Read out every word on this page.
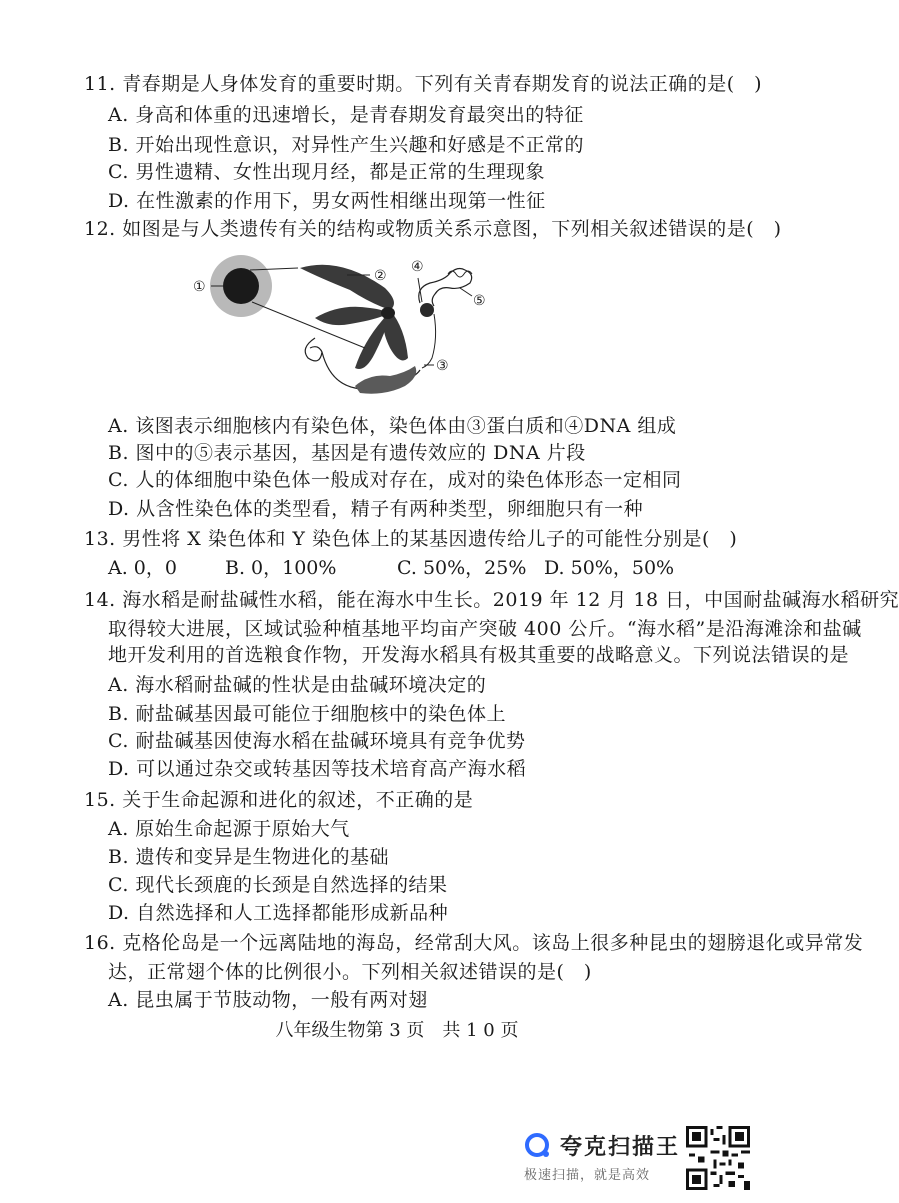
11. 青春期是人身体发育的重要时期。下列有关青春期发育的说法正确的是(　)
A. 身高和体重的迅速增长，是青春期发育最突出的特征
B. 开始出现性意识，对异性产生兴趣和好感是不正常的
C. 男性遗精、女性出现月经，都是正常的生理现象
D. 在性激素的作用下，男女两性相继出现第一性征
12. 如图是与人类遗传有关的结构或物质关系示意图，下列相关叙述错误的是(　)
①
②
③
④
⑤
A. 该图表示细胞核内有染色体，染色体由③蛋白质和④DNA 组成
B. 图中的⑤表示基因，基因是有遗传效应的 DNA 片段
C. 人的体细胞中染色体一般成对存在，成对的染色体形态一定相同
D. 从含性染色体的类型看，精子有两种类型，卵细胞只有一种
13. 男性将 X 染色体和 Y 染色体上的某基因遗传给儿子的可能性分别是(　)
A. 0，0	B. 0，100%	C. 50%，25% D. 50%，50%
14. 海水稻是耐盐碱性水稻，能在海水中生长。2019 年 12 月 18 日，中国耐盐碱海水稻研究
取得较大进展，区域试验种植基地平均亩产突破 400 公斤。“海水稻”是沿海滩涂和盐碱
地开发利用的首选粮食作物，开发海水稻具有极其重要的战略意义。下列说法错误的是
A. 海水稻耐盐碱的性状是由盐碱环境决定的
B. 耐盐碱基因最可能位于细胞核中的染色体上
C. 耐盐碱基因使海水稻在盐碱环境具有竞争优势
D. 可以通过杂交或转基因等技术培育高产海水稻
15. 关于生命起源和进化的叙述，不正确的是
A. 原始生命起源于原始大气
B. 遗传和变异是生物进化的基础
C. 现代长颈鹿的长颈是自然选择的结果
D. 自然选择和人工选择都能形成新品种
16. 克格伦岛是一个远离陆地的海岛，经常刮大风。该岛上很多种昆虫的翅膀退化或异常发
达，正常翅个体的比例很小。下列相关叙述错误的是(　)
A. 昆虫属于节肢动物，一般有两对翅
八年级生物第 3 页　共 1 0 页
夸克扫描王
极速扫描，就是高效
